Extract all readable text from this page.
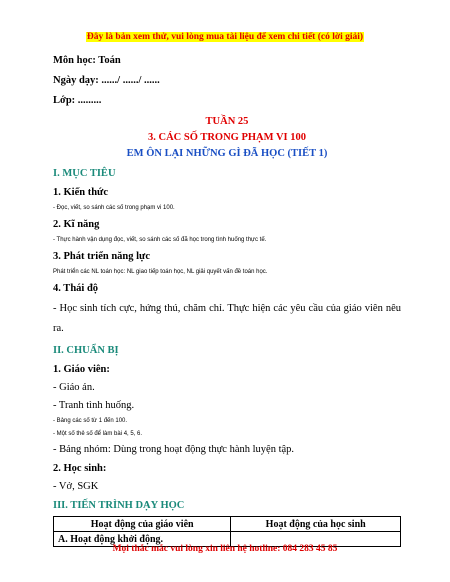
Đây là bản xem thử, vui lòng mua tài liệu để xem chi tiết (có lời giải)

Môn học: Toán

Ngày dạy: ....../ ....../ ......

Lớp: .........

TUẦN 25

3. CÁC SỐ TRONG PHẠM VI 100

EM ÔN LẠI NHỮNG GÌ ĐÃ HỌC (TIẾT 1)

I. MỤC TIÊU

1. Kiến thức

- Đọc, viết, so sánh các số trong phạm vi 100.

2. Kĩ năng

- Thực hành vận dụng đọc, viết, so sánh các số đã học trong tình huống thực tế.

3. Phát triển năng lực

Phát triển các NL toán học: NL giao tiếp toán học, NL giải quyết vấn đề toán học.

4. Thái độ

- Học sinh tích cực, hứng thú, chăm chỉ. Thực hiện các yêu cầu của giáo viên nêu ra.

II. CHUẨN BỊ

1. Giáo viên:

- Giáo án.

- Tranh tình huống.

- Bảng các số từ 1 đến 100.

- Một số thẻ số để làm bài 4, 5, 6.

- Bảng nhóm: Dùng trong hoạt động thực hành luyện tập.

2. Học sinh:

- Vở, SGK

III. TIẾN TRÌNH DẠY HỌC

Hoạt động của giáo viên	Hoạt động của học sinh
A. Hoạt động khởi động.	
Mọi thắc mắc vui lòng xin liên hệ hotline: 084 283 45 85
